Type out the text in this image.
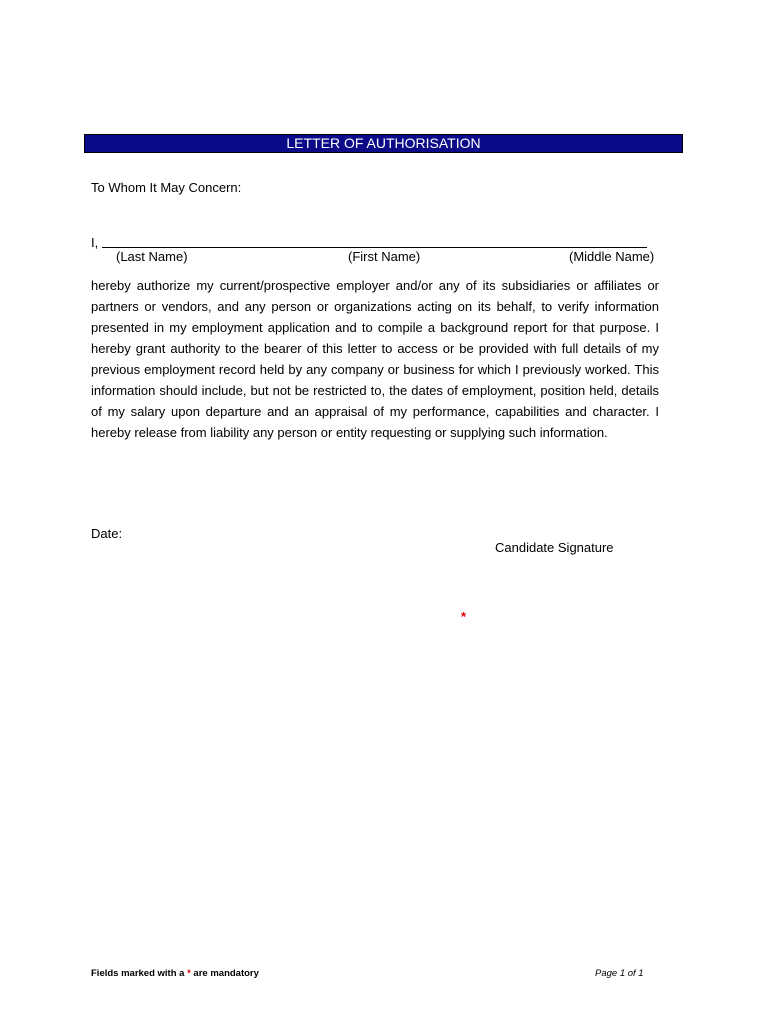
LETTER OF AUTHORISATION
To Whom It May Concern:
I,
(Last Name)	(First Name)	(Middle Name)
hereby authorize my current/prospective employer and/or any of its subsidiaries or affiliates or partners or vendors, and any person or organizations acting on its behalf, to verify information presented in my employment application and to compile a background report for that purpose. I hereby grant authority to the bearer of this letter to access or be provided with full details of my previous employment record held by any company or business for which I previously worked. This information should include, but not be restricted to, the dates of employment, position held, details of my salary upon departure and an appraisal of my performance, capabilities and character. I hereby release from liability any person or entity requesting or supplying such information.
Date:
Candidate Signature
*
Fields marked with a * are mandatory	Page 1 of 1
